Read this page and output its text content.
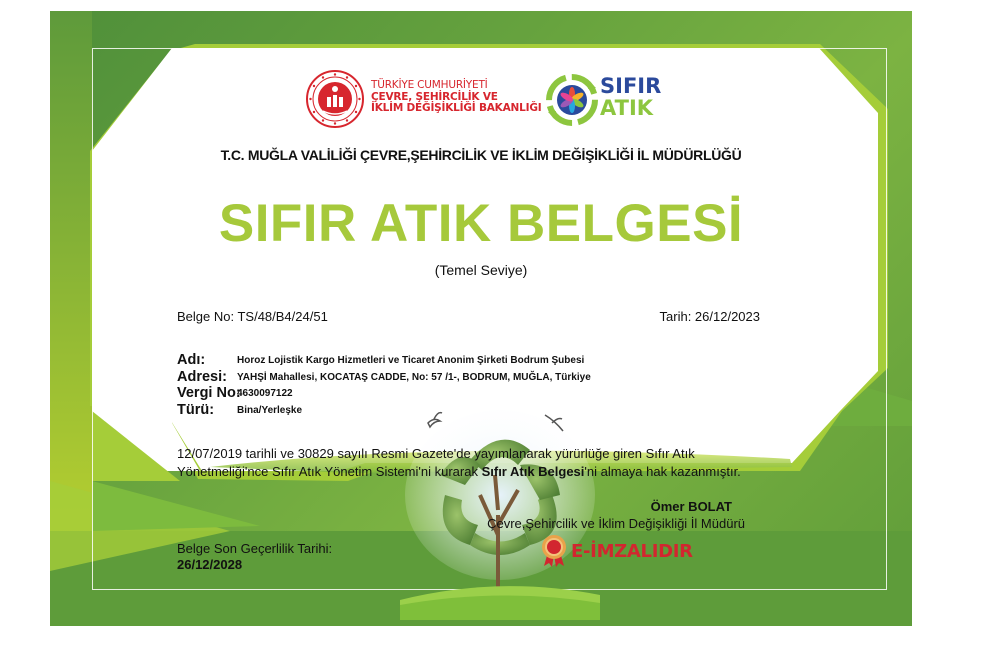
TÜRKİYE CUMHURİYETİ
ÇEVRE, ŞEHİRCİLİK VE
İKLİM DEĞİŞİKLİĞİ BAKANLIĞI
SIFIR
ATIK
T.C. MUĞLA VALİLİĞİ ÇEVRE,ŞEHİRCİLİK VE İKLİM DEĞİŞİKLİĞİ İL MÜDÜRLÜĞÜ
SIFIR ATIK BELGESİ
(Temel Seviye)
Belge No: TS/48/B4/24/51	Tarih: 26/12/2023
Adı:	Horoz Lojistik Kargo Hizmetleri ve Ticaret Anonim Şirketi Bodrum Şubesi
Adresi: YAHŞİ Mahallesi, KOCATAŞ CADDE, No: 57 /1-, BODRUM, MUĞLA, Türkiye
Vergi No:
4630097122
Türü: Bina/Yerleşke
12/07/2019 tarihli ve 30829 sayılı Resmi Gazete'de yayımlanarak yürürlüğe giren Sıfır Atık
Yönetmeliği'nce Sıfır Atık Yönetim Sistemi'ni kurarak Sıfır Atık Belgesi'ni almaya hak kazanmıştır.
Ömer BOLAT
Çevre,Şehircilik ve İklim Değişikliği İl Müdürü
E-İMZALIDIR
Belge Son Geçerlilik Tarihi:
26/12/2028
